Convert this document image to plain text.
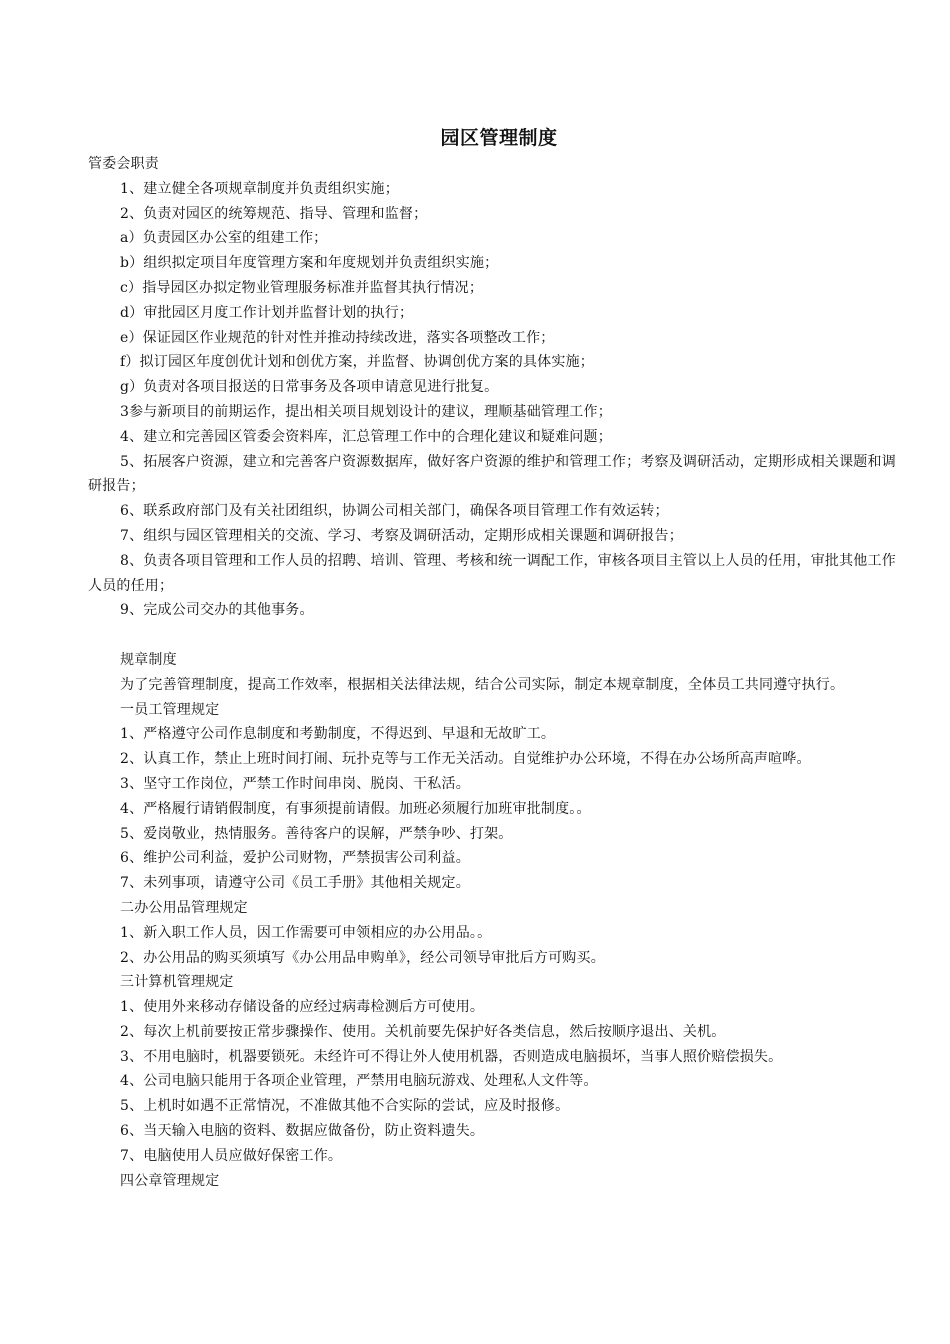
园区管理制度

管委会职责

1、建立健全各项规章制度并负责组织实施；

2、负责对园区的统筹规范、指导、管理和监督；

a）负责园区办公室的组建工作；

b）组织拟定项目年度管理方案和年度规划并负责组织实施；

c）指导园区办拟定物业管理服务标准并监督其执行情况；

d）审批园区月度工作计划并监督计划的执行；

e）保证园区作业规范的针对性并推动持续改进，落实各项整改工作；

f）拟订园区年度创优计划和创优方案，并监督、协调创优方案的具体实施；

g）负责对各项目报送的日常事务及各项申请意见进行批复。

3参与新项目的前期运作，提出相关项目规划设计的建议，理顺基础管理工作；

4、建立和完善园区管委会资料库，汇总管理工作中的合理化建议和疑难问题；

5、拓展客户资源，建立和完善客户资源数据库，做好客户资源的维护和管理工作；考察及调研活动，定期形成相关课题和调研报告；

6、联系政府部门及有关社团组织，协调公司相关部门，确保各项目管理工作有效运转；

7、组织与园区管理相关的交流、学习、考察及调研活动，定期形成相关课题和调研报告；

8、负责各项目管理和工作人员的招聘、培训、管理、考核和统一调配工作，审核各项目主管以上人员的任用，审批其他工作人员的任用；

9、完成公司交办的其他事务。

规章制度

为了完善管理制度，提高工作效率，根据相关法律法规，结合公司实际，制定本规章制度，全体员工共同遵守执行。

一员工管理规定

1、严格遵守公司作息制度和考勤制度，不得迟到、早退和无故旷工。

2、认真工作，禁止上班时间打闹、玩扑克等与工作无关活动。自觉维护办公环境，不得在办公场所高声喧哗。

3、坚守工作岗位，严禁工作时间串岗、脱岗、干私活。

4、严格履行请销假制度，有事须提前请假。加班必须履行加班审批制度。。

5、爱岗敬业，热情服务。善待客户的误解，严禁争吵、打架。

6、维护公司利益，爱护公司财物，严禁损害公司利益。

7、未列事项，请遵守公司《员工手册》其他相关规定。

二办公用品管理规定

1、新入职工作人员，因工作需要可申领相应的办公用品。。

2、办公用品的购买须填写《办公用品申购单》，经公司领导审批后方可购买。

三计算机管理规定

1、使用外来移动存储设备的应经过病毒检测后方可使用。

2、每次上机前要按正常步骤操作、使用。关机前要先保护好各类信息，然后按顺序退出、关机。

3、不用电脑时，机器要锁死。未经许可不得让外人使用机器，否则造成电脑损坏，当事人照价赔偿损失。

4、公司电脑只能用于各项企业管理，严禁用电脑玩游戏、处理私人文件等。

5、上机时如遇不正常情况，不准做其他不合实际的尝试，应及时报修。

6、当天输入电脑的资料、数据应做备份，防止资料遗失。

7、电脑使用人员应做好保密工作。

四公章管理规定
